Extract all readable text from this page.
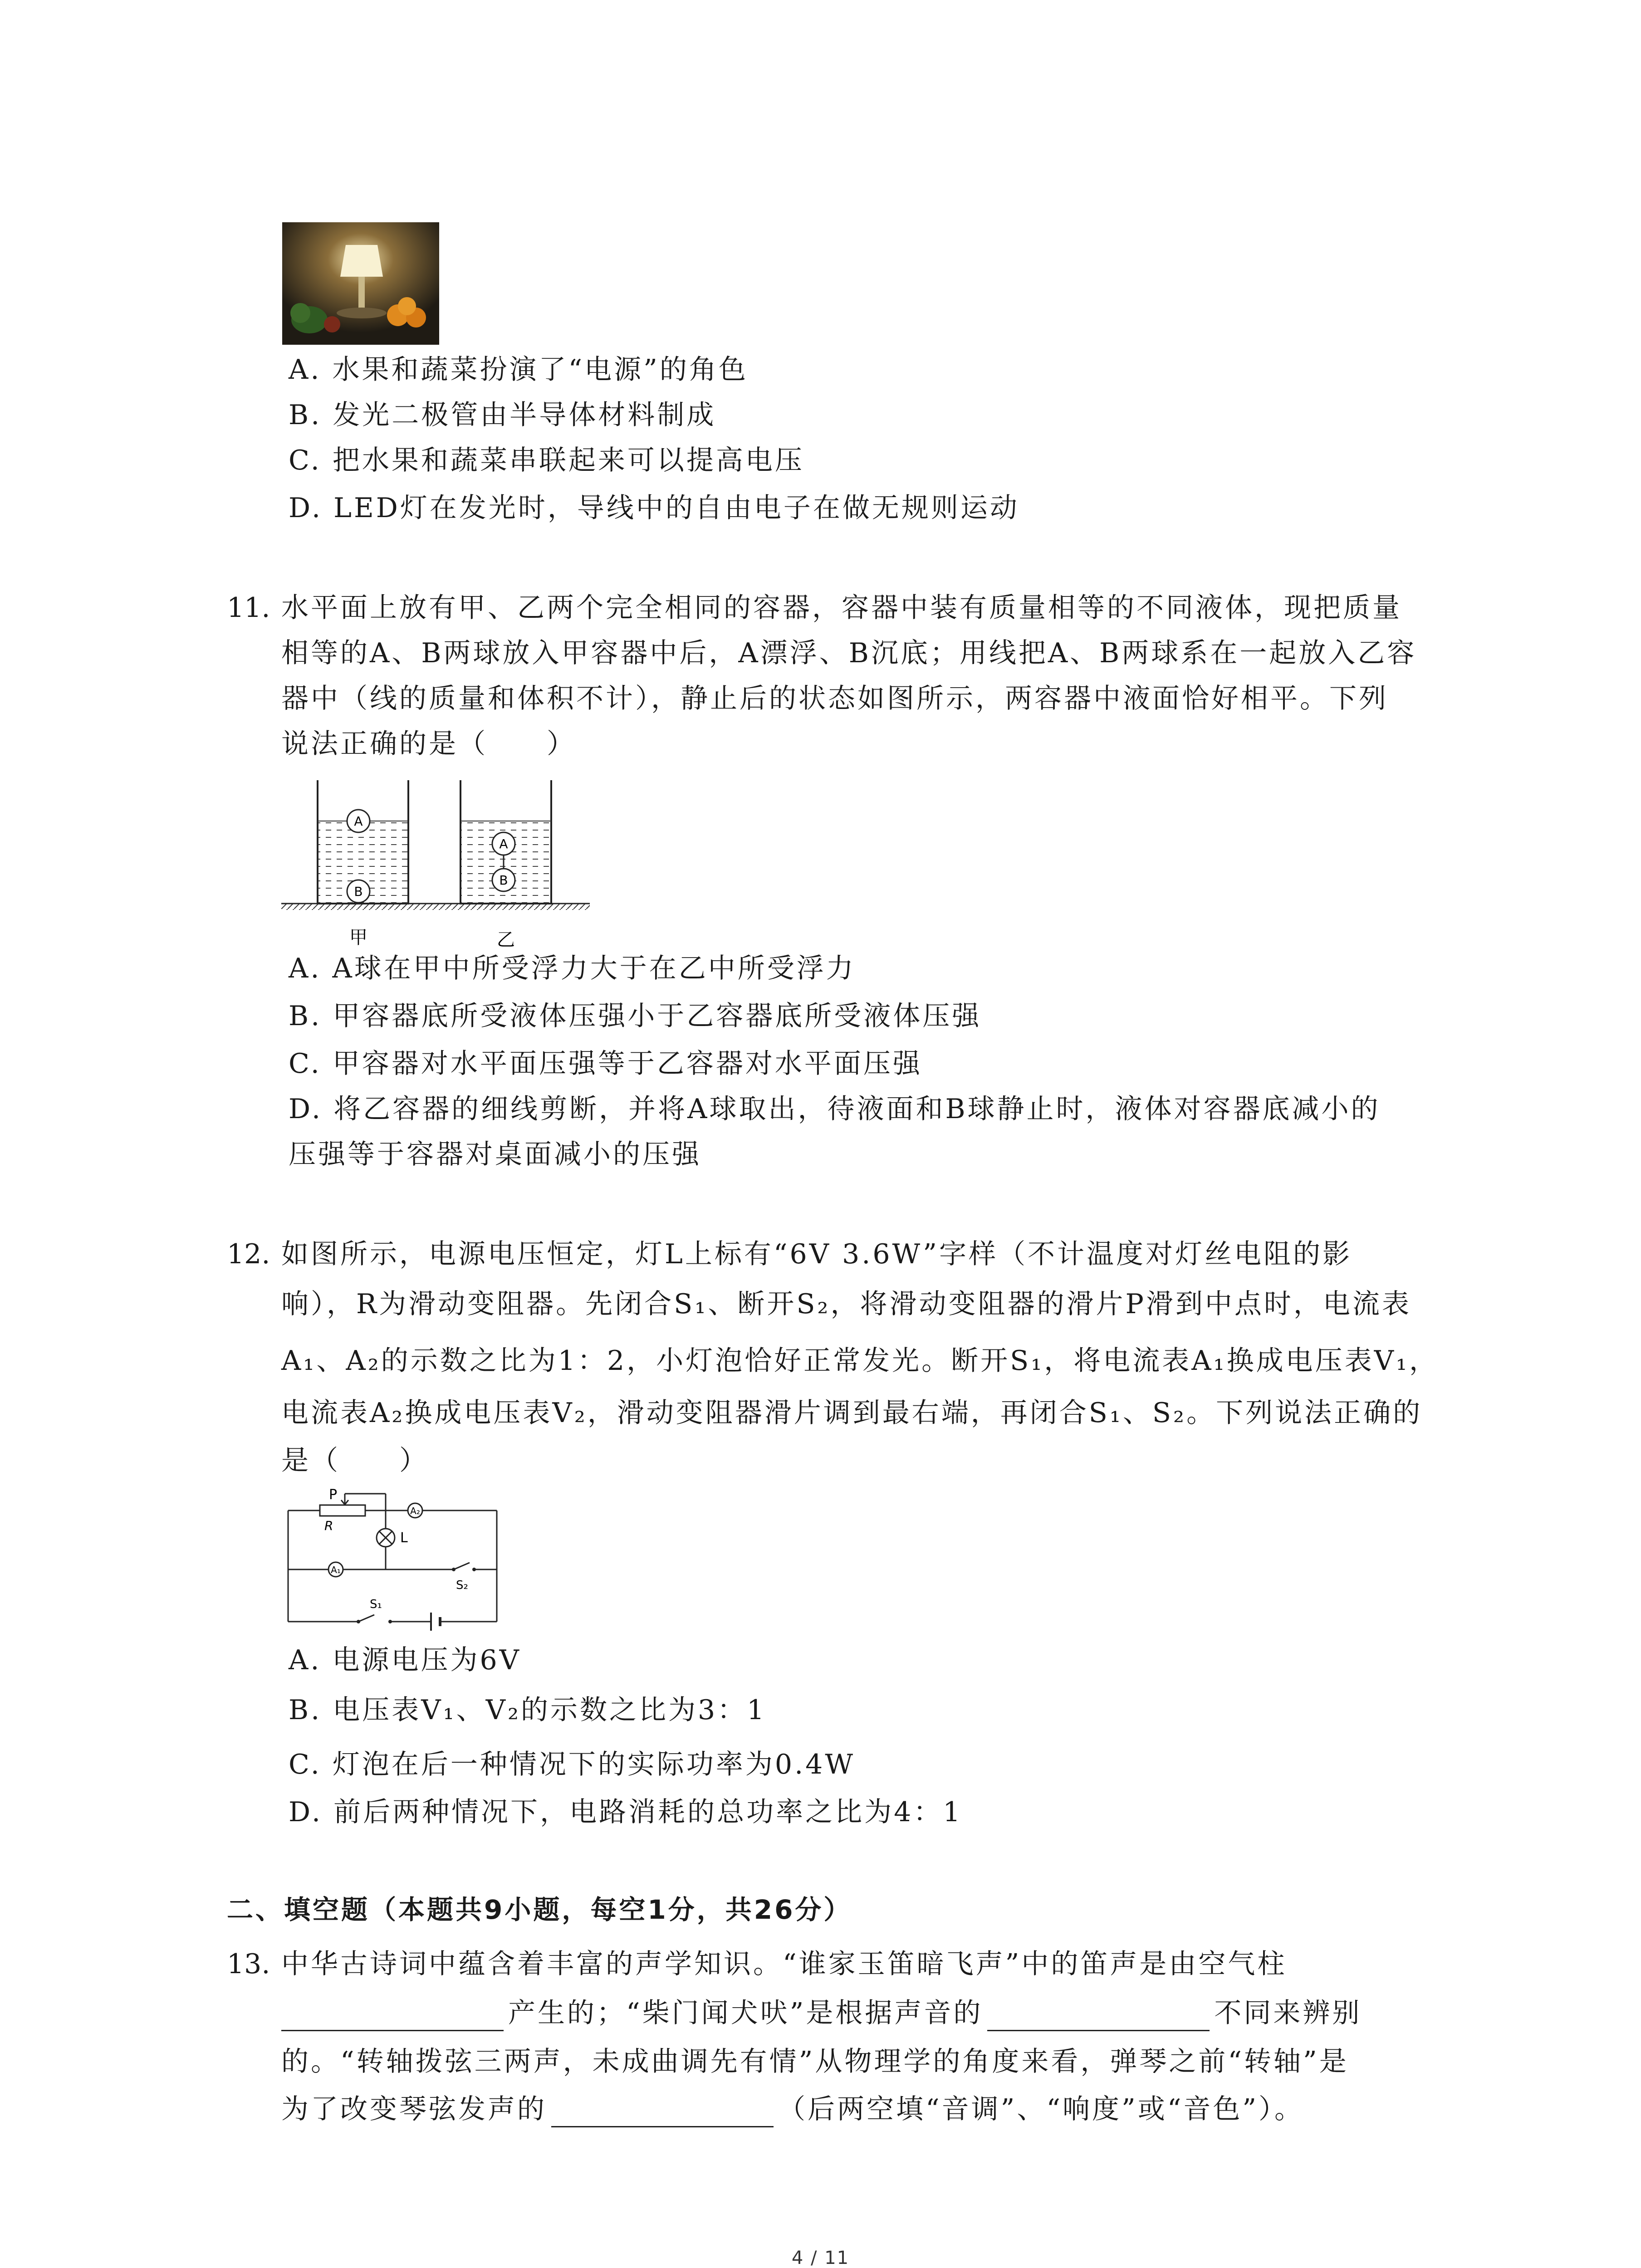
A. 水果和蔬菜扮演了“电源”的角色
B. 发光二极管由半导体材料制成
C. 把水果和蔬菜串联起来可以提高电压
D. LED灯在发光时，导线中的自由电子在做无规则运动
11. 水平面上放有甲、乙两个完全相同的容器，容器中装有质量相等的不同液体，现把质量
相等的A、B两球放入甲容器中后，A漂浮、B沉底；用线把A、B两球系在一起放入乙容
器中（线的质量和体积不计），静止后的状态如图所示，两容器中液面恰好相平。下列
说法正确的是（　　）
A
B
A
B
甲	乙
A. A球在甲中所受浮力大于在乙中所受浮力
B. 甲容器底所受液体压强小于乙容器底所受液体压强
C. 甲容器对水平面压强等于乙容器对水平面压强
D. 将乙容器的细线剪断，并将A球取出，待液面和B球静止时，液体对容器底减小的
压强等于容器对桌面减小的压强
12. 如图所示，电源电压恒定，灯L上标有“6V 3.6W”字样（不计温度对灯丝电阻的影
响），R为滑动变阻器。先闭合S₁、断开S₂，将滑动变阻器的滑片P滑到中点时，电流表
A₁、A₂的示数之比为1：2，小灯泡恰好正常发光。断开S₁，将电流表A₁换成电压表V₁，
电流表A₂换成电压表V₂，滑动变阻器滑片调到最右端，再闭合S₁、S₂。下列说法正确的
是（　　）
A₂
A₁
P
R
L
S₁
S₂
A. 电源电压为6V
B. 电压表V₁、V₂的示数之比为3：1
C. 灯泡在后一种情况下的实际功率为0.4W
D. 前后两种情况下，电路消耗的总功率之比为4：1
二、填空题（本题共9小题，每空1分，共26分）
13. 中华古诗词中蕴含着丰富的声学知识。“谁家玉笛暗飞声”中的笛声是由空气柱
产生的；“柴门闻犬吠”是根据声音的	不同来辨别
的。“转轴拨弦三两声，未成曲调先有情”从物理学的角度来看，弹琴之前“转轴”是
为了改变琴弦发声的	（后两空填“音调”、“响度”或“音色”）。
4 / 11
